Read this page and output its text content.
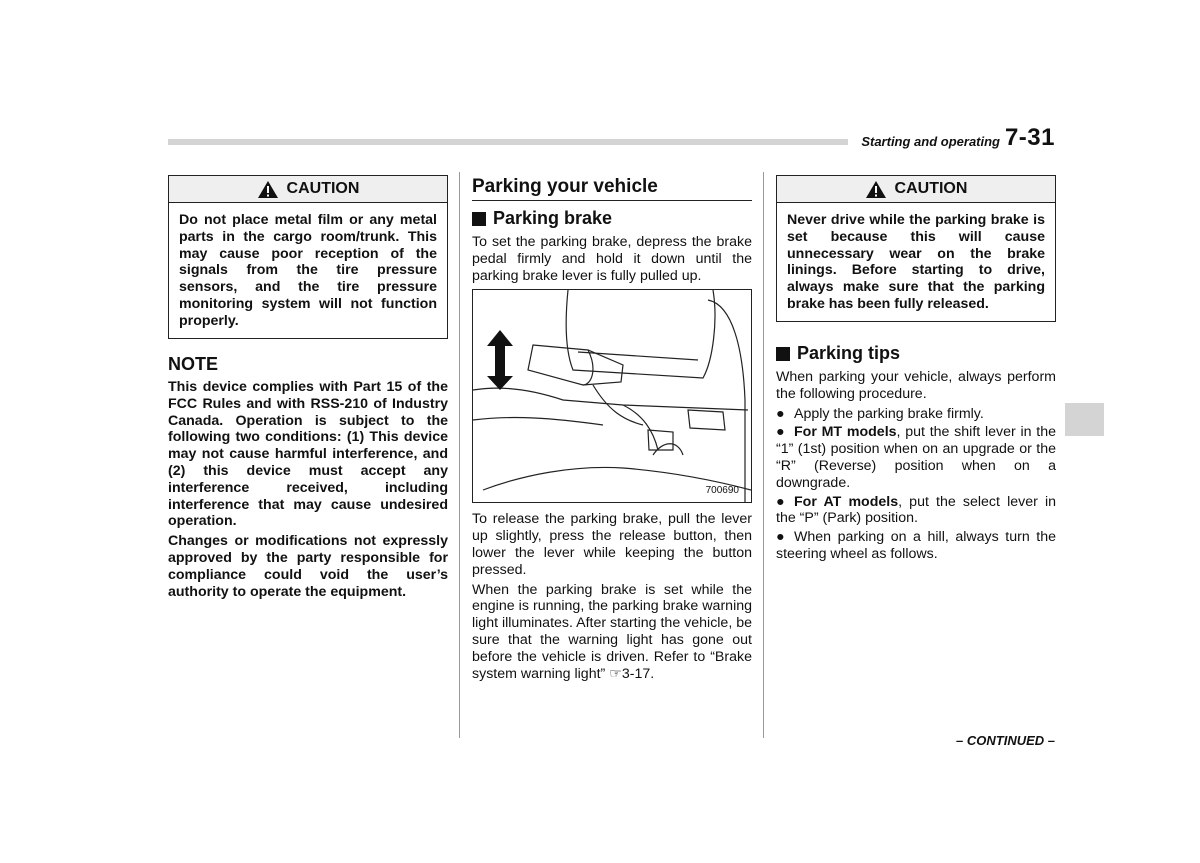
Starting and operating 7-31
CAUTION
Do not place metal film or any metal parts in the cargo room/trunk. This may cause poor reception of the signals from the tire pressure sensors, and the tire pressure monitoring system will not function properly.
NOTE

This device complies with Part 15 of the FCC Rules and with RSS-210 of Industry Canada. Operation is subject to the following two conditions: (1) This device may not cause harmful interference, and (2) this device must accept any interference received, including interference that may cause undesired operation.

Changes or modifications not expressly approved by the party responsible for compliance could void the user’s authority to operate the equipment.

Parking your vehicle
Parking brake

To set the parking brake, depress the brake pedal firmly and hold it down until the parking brake lever is fully pulled up.

700690

To release the parking brake, pull the lever up slightly, press the release button, then lower the lever while keeping the button pressed.

When the parking brake is set while the engine is running, the parking brake warning light illuminates. After starting the vehicle, be sure that the warning light has gone out before the vehicle is driven. Refer to “Brake system warning light” ☞3-17.

CAUTION
Never drive while the parking brake is set because this will cause unnecessary wear on the brake linings. Before starting to drive, always make sure that the parking brake has been fully released.
Parking tips

When parking your vehicle, always perform the following procedure.

● Apply the parking brake firmly.

● For MT models, put the shift lever in the “1” (1st) position when on an upgrade or the “R” (Reverse) position when on a downgrade.

● For AT models, put the select lever in the “P” (Park) position.

● When parking on a hill, always turn the steering wheel as follows.

– CONTINUED –
